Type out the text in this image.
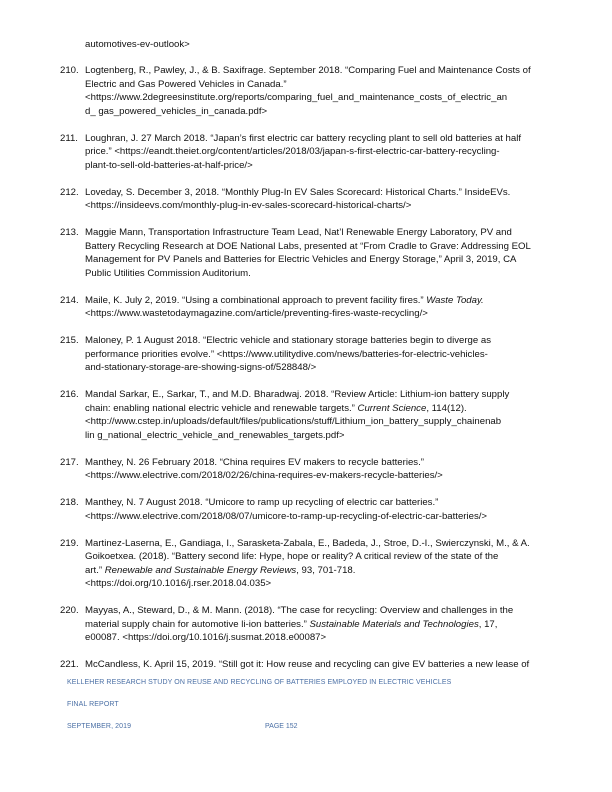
automotives-ev-outlook>
210. Logtenberg, R., Pawley, J., & B. Saxifrage. September 2018. “Comparing Fuel and Maintenance Costs of
Electric and Gas Powered Vehicles in Canada.”
<https://www.2degreesinstitute.org/reports/comparing_fuel_and_maintenance_costs_of_electric_an
d_ gas_powered_vehicles_in_canada.pdf>
211. Loughran, J. 27 March 2018. “Japan’s first electric car battery recycling plant to sell old batteries at half
price.” <https://eandt.theiet.org/content/articles/2018/03/japan-s-first-electric-car-battery-recycling-
plant-to-sell-old-batteries-at-half-price/>
212. Loveday, S. December 3, 2018. “Monthly Plug-In EV Sales Scorecard: Historical Charts.” InsideEVs.
<https://insideevs.com/monthly-plug-in-ev-sales-scorecard-historical-charts/>
213. Maggie Mann, Transportation Infrastructure Team Lead, Nat’l Renewable Energy Laboratory, PV and
Battery Recycling Research at DOE National Labs, presented at “From Cradle to Grave: Addressing EOL
Management for PV Panels and Batteries for Electric Vehicles and Energy Storage,” April 3, 2019, CA
Public Utilities Commission Auditorium.
214. Maile, K. July 2, 2019. “Using a combinational approach to prevent facility fires.” Waste Today.
<https://www.wastetodaymagazine.com/article/preventing-fires-waste-recycling/>
215. Maloney, P. 1 August 2018. “Electric vehicle and stationary storage batteries begin to diverge as
performance priorities evolve.” <https://www.utilitydive.com/news/batteries-for-electric-vehicles-
and-stationary-storage-are-showing-signs-of/528848/>
216. Mandal Sarkar, E., Sarkar, T., and M.D. Bharadwaj. 2018. “Review Article: Lithium-ion battery supply
chain: enabling national electric vehicle and renewable targets.” Current Science, 114(12).
<http://www.cstep.in/uploads/default/files/publications/stuff/Lithium_ion_battery_supply_chainenab
lin g_national_electric_vehicle_and_renewables_targets.pdf>
217. Manthey, N. 26 February 2018. “China requires EV makers to recycle batteries.”
<https://www.electrive.com/2018/02/26/china-requires-ev-makers-recycle-batteries/>
218. Manthey, N. 7 August 2018. “Umicore to ramp up recycling of electric car batteries.”
<https://www.electrive.com/2018/08/07/umicore-to-ramp-up-recycling-of-electric-car-batteries/>
219. Martinez-Laserna, E., Gandiaga, I., Sarasketa-Zabala, E., Badeda, J., Stroe, D.-I., Swierczynski, M., & A.
Goikoetxea. (2018). “Battery second life: Hype, hope or reality? A critical review of the state of the
art.” Renewable and Sustainable Energy Reviews, 93, 701-718.
<https://doi.org/10.1016/j.rser.2018.04.035>
220. Mayyas, A., Steward, D., & M. Mann. (2018). “The case for recycling: Overview and challenges in the
material supply chain for automotive li-ion batteries.” Sustainable Materials and Technologies, 17,
e00087. <https://doi.org/10.1016/j.susmat.2018.e00087>
221. McCandless, K. April 15, 2019. “Still got it: How reuse and recycling can give EV batteries a new lease of
KELLEHER RESEARCH STUDY ON REUSE AND RECYCLING OF BATTERIES EMPLOYED IN ELECTRIC VEHICLES
FINAL REPORT
SEPTEMBER, 2019	PAGE 152
